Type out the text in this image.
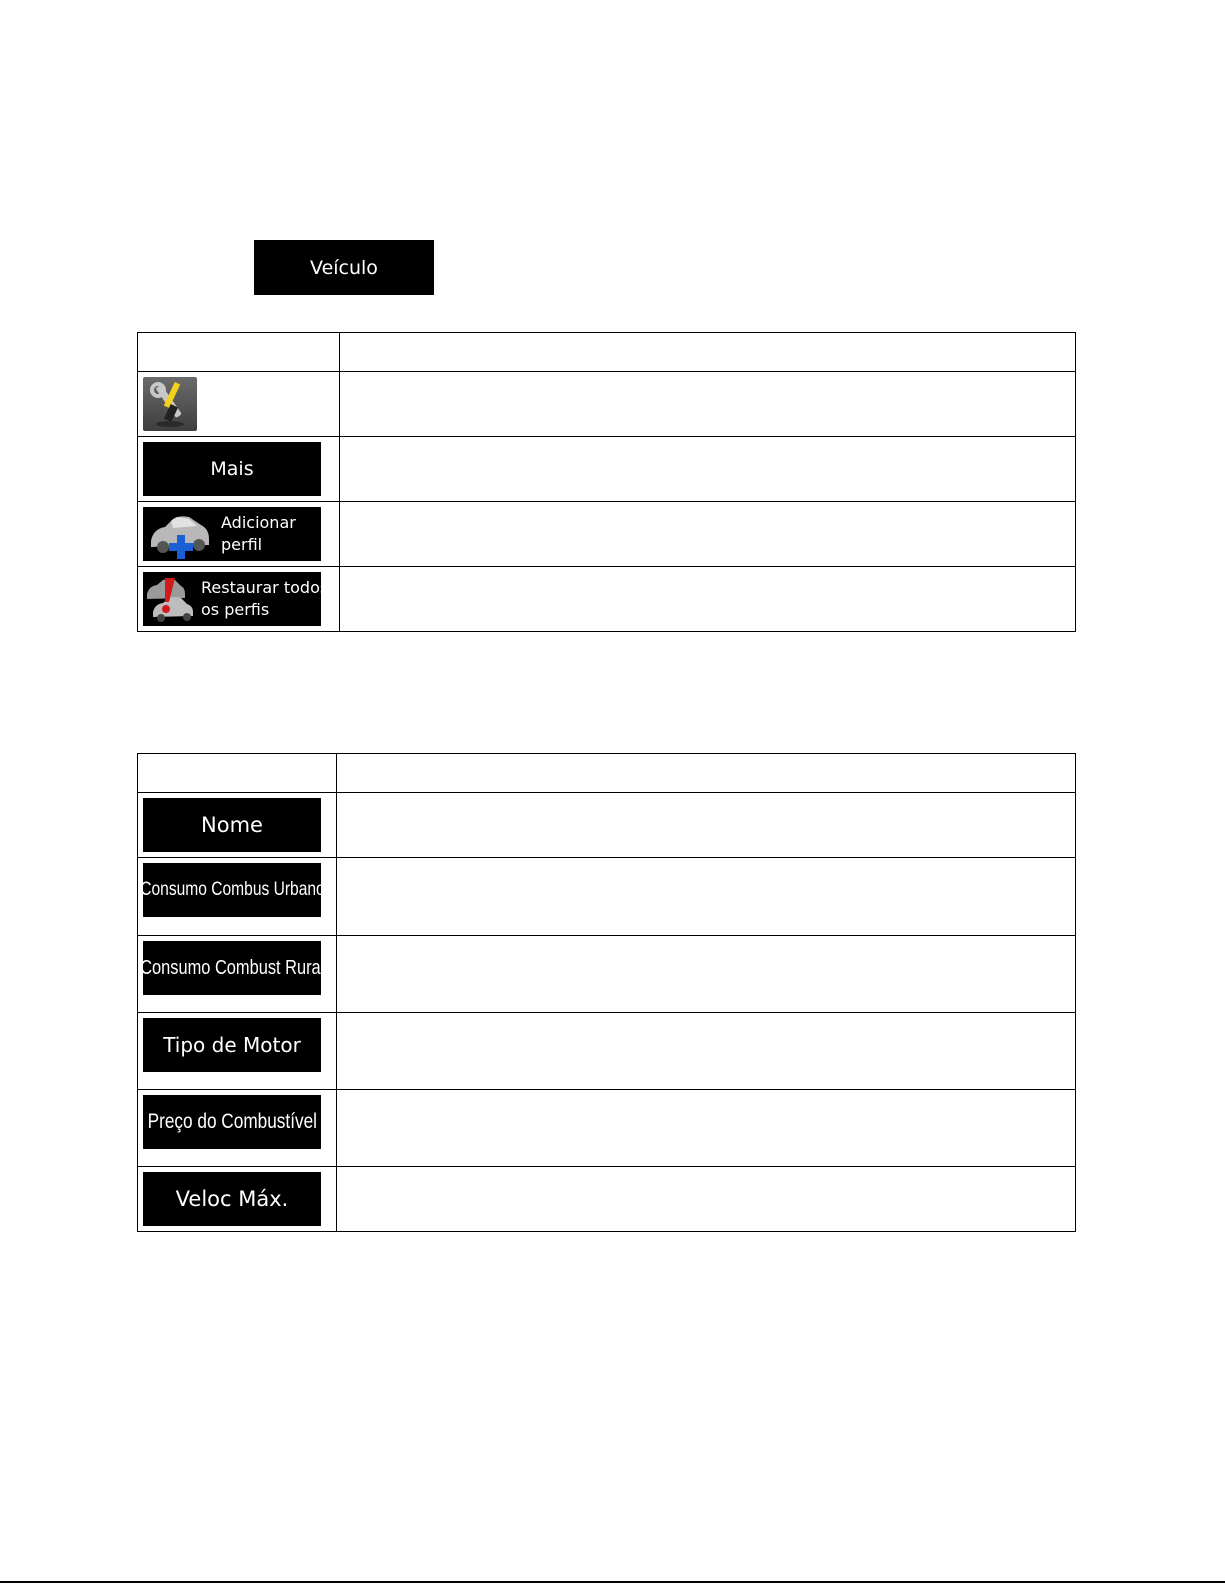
Veículo

Mais	

Adicionar
perfil	

Restaurar todos
os perfis	

Nome	

Consumo Combus Urbano	

Consumo Combust Rural	

Tipo de Motor	

Preço do Combustível	

Veloc Máx.	
